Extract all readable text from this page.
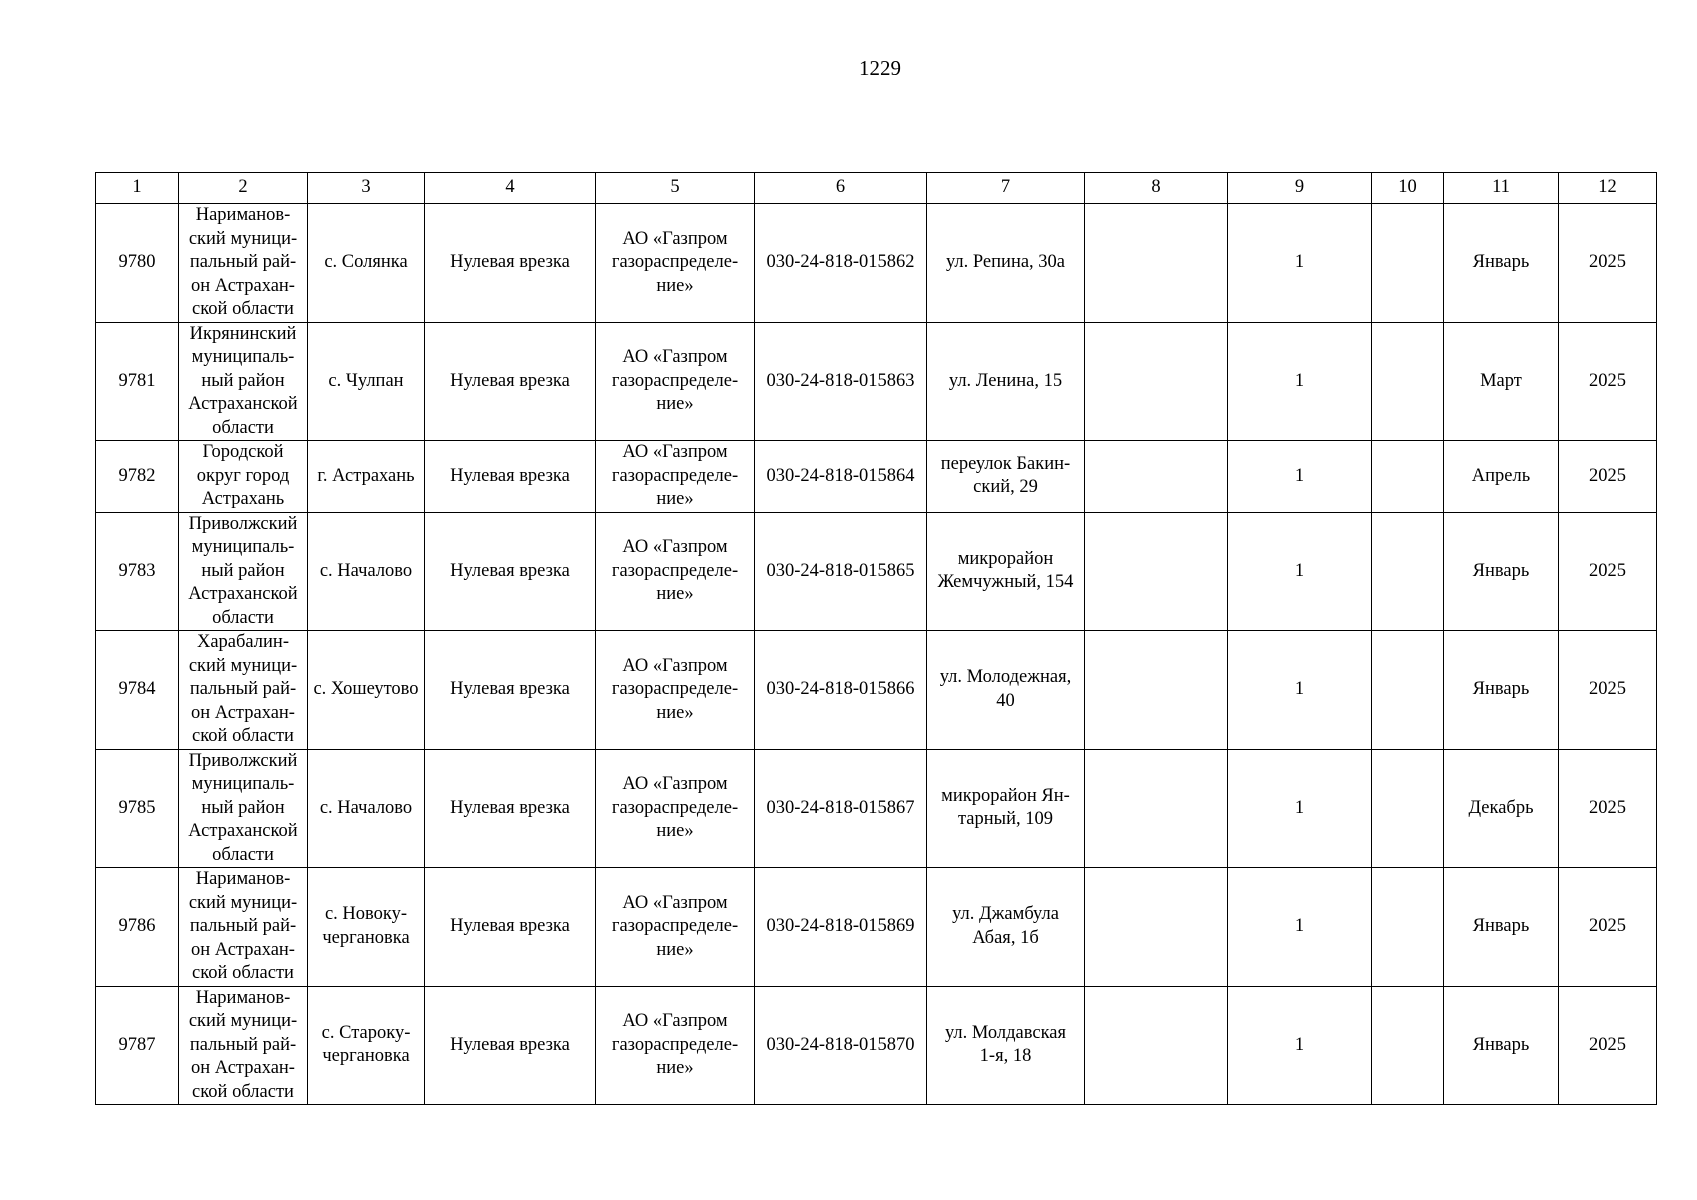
1229
1	2	3	4	5	6	7	8	9	10	11	12
9780	Нариманов-
ский муници-
пальный рай-
он Астрахан-
ской области	с. Солянка	Нулевая врезка	АО «Газпром
газораспределе-
ние»	030-24-818-015862	ул. Репина, 30а		1		Январь	2025
9781	Икрянинский
муниципаль-
ный район
Астраханской
области	с. Чулпан	Нулевая врезка	АО «Газпром
газораспределе-
ние»	030-24-818-015863	ул. Ленина, 15		1		Март	2025
9782	Городской
округ город
Астрахань	г. Астрахань	Нулевая врезка	АО «Газпром
газораспределе-
ние»	030-24-818-015864	переулок Бакин-
ский, 29		1		Апрель	2025
9783	Приволжский
муниципаль-
ный район
Астраханской
области	с. Началово	Нулевая врезка	АО «Газпром
газораспределе-
ние»	030-24-818-015865	микрорайон
Жемчужный, 154		1		Январь	2025
9784	Харабалин-
ский муници-
пальный рай-
он Астрахан-
ской области	с. Хошеутово	Нулевая врезка	АО «Газпром
газораспределе-
ние»	030-24-818-015866	ул. Молодежная,
40		1		Январь	2025
9785	Приволжский
муниципаль-
ный район
Астраханской
области	с. Началово	Нулевая врезка	АО «Газпром
газораспределе-
ние»	030-24-818-015867	микрорайон Ян-
тарный, 109		1		Декабрь	2025
9786	Нариманов-
ский муници-
пальный рай-
он Астрахан-
ской области	с. Новоку-
чергановка	Нулевая врезка	АО «Газпром
газораспределе-
ние»	030-24-818-015869	ул. Джамбула
Абая, 1б		1		Январь	2025
9787	Нариманов-
ский муници-
пальный рай-
он Астрахан-
ской области	с. Староку-
чергановка	Нулевая врезка	АО «Газпром
газораспределе-
ние»	030-24-818-015870	ул. Молдавская
1-я, 18		1		Январь	2025
